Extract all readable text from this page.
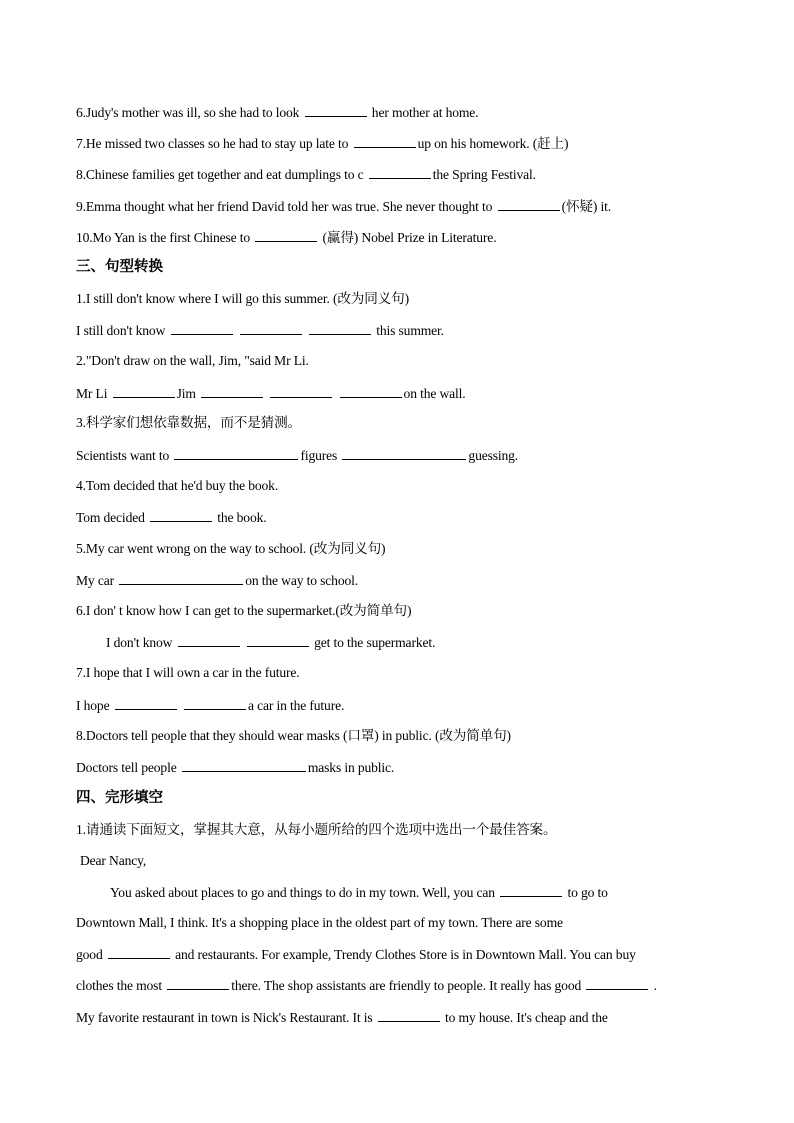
6.Judy's mother was ill, so she had to look	her mother at home.
7.He missed two classes so he had to stay up late to	up on his homework. (赶上)
8.Chinese families get together and eat dumplings to c	the Spring Festival.
9.Emma thought what her friend David told her was true. She never thought to	(怀疑) it.
10.Mo Yan is the first Chinese to	(赢得) Nobel Prize in Literature.
三、句型转换
1.I still don't know where I will go this summer. (改为同义句)
I still don't know	this summer.
2."Don't draw on the wall, Jim, "said Mr Li.
Mr Li	Jim	on the wall.
3.科学家们想依靠数据，而不是猜测。
Scientists want to	figures	guessing.
4.Tom decided that he'd buy the book.
Tom decided	the book.
5.My car went wrong on the way to school. (改为同义句)
My car	on the way to school.
6.I don' t know how I can get to the supermarket.(改为简单句)
I don't know	get to the supermarket.
7.I hope that I will own a car in the future.
I hope	a car in the future.
8.Doctors tell people that they should wear masks (口罩) in public. (改为简单句)
Doctors tell people	masks in public.
四、完形填空
1.请通读下面短文，掌握其大意，从每小题所给的四个选项中选出一个最佳答案。
Dear Nancy,
You asked about places to go and things to do in my town. Well, you can	to go to
Downtown Mall, I think. It's a shopping place in the oldest part of my town. There are some
good	and restaurants. For example, Trendy Clothes Store is in Downtown Mall. You can buy
clothes the most	there. The shop assistants are friendly to people. It really has good	.
My favorite restaurant in town is Nick's Restaurant. It is	to my house. It's cheap and the
